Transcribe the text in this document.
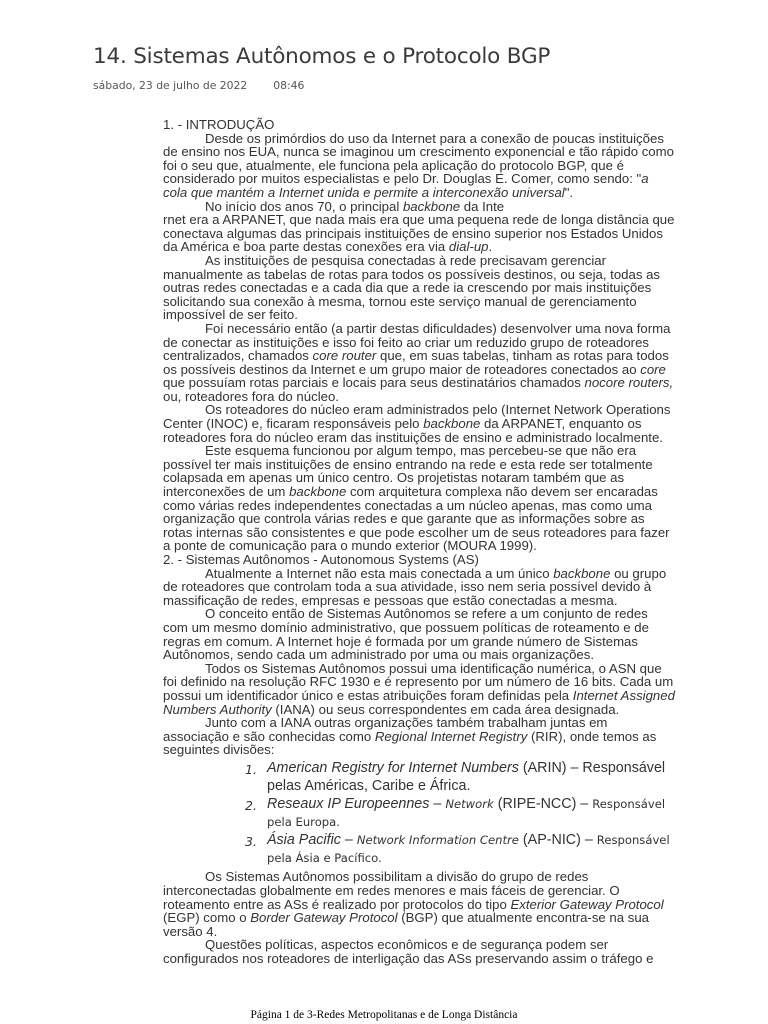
14. Sistemas Autônomos e o Protocolo BGP
sábado, 23 de julho de 2022 08:46

1. - INTRODUÇÃO

Desde os primórdios do uso da Internet para a conexão de poucas instituições de ensino nos EUA, nunca se imaginou um crescimento exponencial e tão rápido como foi o seu que, atualmente, ele funciona pela aplicação do protocolo BGP, que é considerado por muitos especialistas e pelo Dr. Douglas E. Comer, como sendo: "a cola que mantém a Internet unida e permite a interconexão universal".

No início dos anos 70, o principal backbone da Inte

rnet era a ARPANET, que nada mais era que uma pequena rede de longa distância que conectava algumas das principais instituições de ensino superior nos Estados Unidos da América e boa parte destas conexões era via dial-up.

As instituições de pesquisa conectadas à rede precisavam gerenciar manualmente as tabelas de rotas para todos os possíveis destinos, ou seja, todas as outras redes conectadas e a cada dia que a rede ia crescendo por mais instituições solicitando sua conexão à mesma, tornou este serviço manual de gerenciamento impossível de ser feito.

Foi necessário então (a partir destas dificuldades) desenvolver uma nova forma de conectar as instituições e isso foi feito ao criar um reduzido grupo de roteadores centralizados, chamados core router que, em suas tabelas, tinham as rotas para todos os possíveis destinos da Internet e um grupo maior de roteadores conectados ao core que possuíam rotas parciais e locais para seus destinatários chamados nocore routers, ou, roteadores fora do núcleo.

Os roteadores do núcleo eram administrados pelo (Internet Network Operations Center (INOC) e, ficaram responsáveis pelo backbone da ARPANET, enquanto os roteadores fora do núcleo eram das instituições de ensino e administrado localmente.

Este esquema funcionou por algum tempo, mas percebeu-se que não era possível ter mais instituições de ensino entrando na rede e esta rede ser totalmente colapsada em apenas um único centro. Os projetistas notaram também que as interconexões de um backbone com arquitetura complexa não devem ser encaradas como várias redes independentes conectadas a um núcleo apenas, mas como uma organização que controla várias redes e que garante que as informações sobre as rotas internas são consistentes e que pode escolher um de seus roteadores para fazer a ponte de comunicação para o mundo exterior (MOURA 1999).

2. - Sistemas Autônomos - Autonomous Systems (AS)

Atualmente a Internet não esta mais conectada a um único backbone ou grupo de roteadores que controlam toda a sua atividade, isso nem seria possível devido à massificação de redes, empresas e pessoas que estão conectadas a mesma.

O conceito então de Sistemas Autônomos se refere a um conjunto de redes com um mesmo domínio administrativo, que possuem políticas de roteamento e de regras em comum. A Internet hoje é formada por um grande número de Sistemas Autônomos, sendo cada um administrado por uma ou mais organizações.

Todos os Sistemas Autônomos possui uma identificação numérica, o ASN que foi definido na resolução RFC 1930 e é represento por um número de 16 bits. Cada um possui um identificador único e estas atribuições foram definidas pela Internet Assigned Numbers Authority (IANA) ou seus correspondentes em cada área designada.

Junto com a IANA outras organizações também trabalham juntas em associação e são conhecidas como Regional Internet Registry (RIR), onde temos as seguintes divisões:

1. American Registry for Internet Numbers (ARIN) – Responsável pelas Américas, Caribe e África.
2. Reseaux IP Europeennes – Network (RIPE-NCC) – Responsável pela Europa.
3. Ásia Pacific – Network Information Centre (AP-NIC) – Responsável pela Ásia e Pacífico.

Os Sistemas Autônomos possibilitam a divisão do grupo de redes interconectadas globalmente em redes menores e mais fáceis de gerenciar. O roteamento entre as ASs é realizado por protocolos do tipo Exterior Gateway Protocol (EGP) como o Border Gateway Protocol (BGP) que atualmente encontra-se na sua versão 4.

Questões políticas, aspectos econômicos e de segurança podem ser configurados nos roteadores de interligação das ASs preservando assim o tráfego e

Página 1 de 3-Redes Metropolitanas e de Longa Distância
